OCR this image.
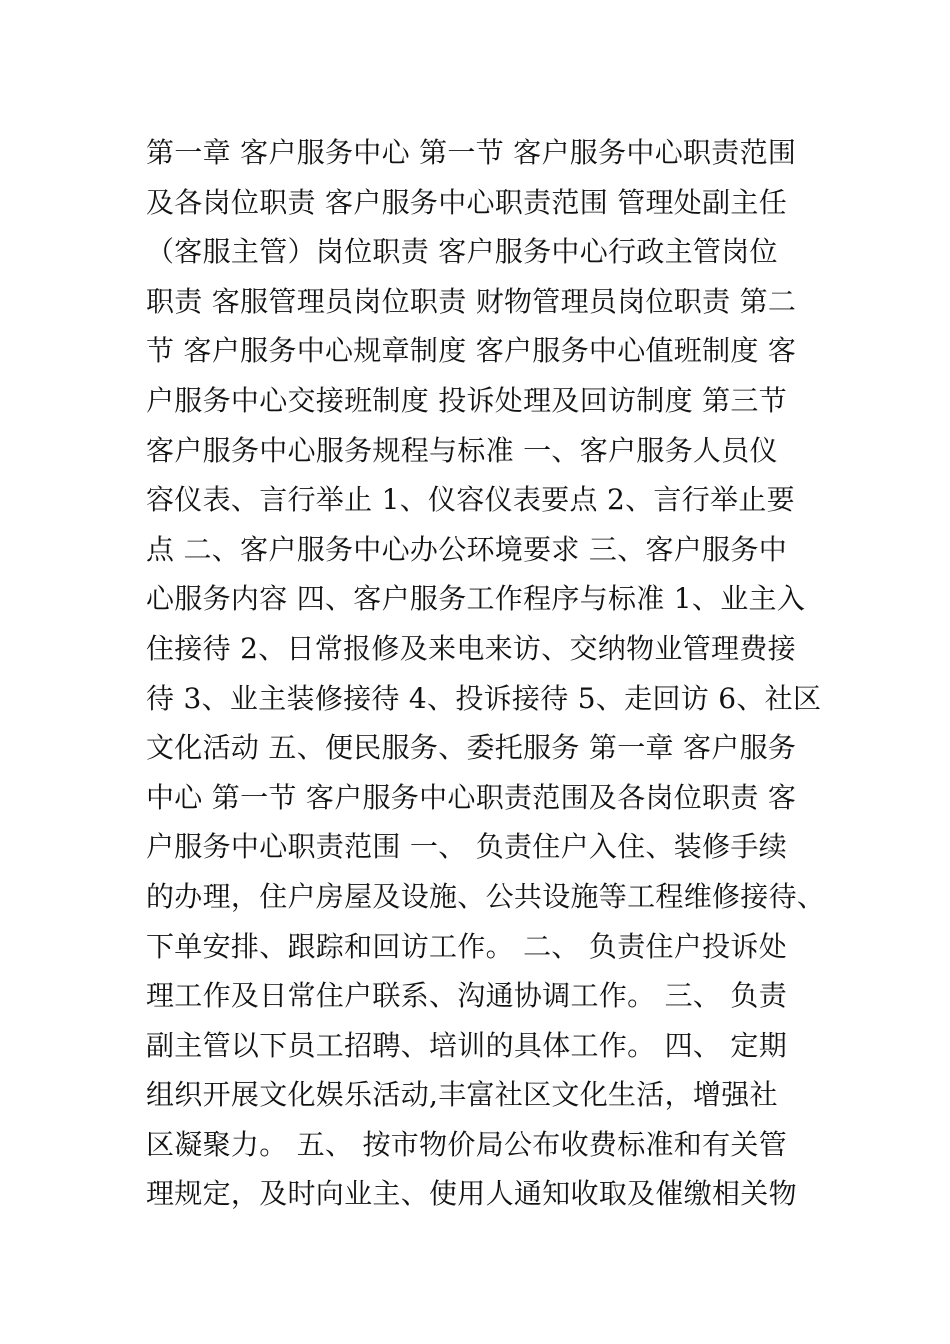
第一章 客户服务中心 第一节 客户服务中心职责范围
及各岗位职责 客户服务中心职责范围 管理处副主任
（客服主管）岗位职责 客户服务中心行政主管岗位
职责 客服管理员岗位职责 财物管理员岗位职责 第二
节 客户服务中心规章制度 客户服务中心值班制度 客
户服务中心交接班制度 投诉处理及回访制度 第三节
客户服务中心服务规程与标准 一、客户服务人员仪
容仪表、言行举止 1、仪容仪表要点 2、言行举止要
点 二、客户服务中心办公环境要求 三、客户服务中
心服务内容 四、客户服务工作程序与标准 1、业主入
住接待 2、日常报修及来电来访、交纳物业管理费接
待 3、业主装修接待 4、投诉接待 5、走回访 6、社区
文化活动 五、便民服务、委托服务 第一章 客户服务
中心 第一节 客户服务中心职责范围及各岗位职责 客
户服务中心职责范围 一、 负责住户入住、装修手续
的办理，住户房屋及设施、公共设施等工程维修接待、
下单安排、跟踪和回访工作。 二、 负责住户投诉处
理工作及日常住户联系、沟通协调工作。 三、 负责
副主管以下员工招聘、培训的具体工作。 四、 定期
组织开展文化娱乐活动,丰富社区文化生活，增强社
区凝聚力。 五、 按市物价局公布收费标准和有关管
理规定，及时向业主、使用人通知收取及催缴相关物
